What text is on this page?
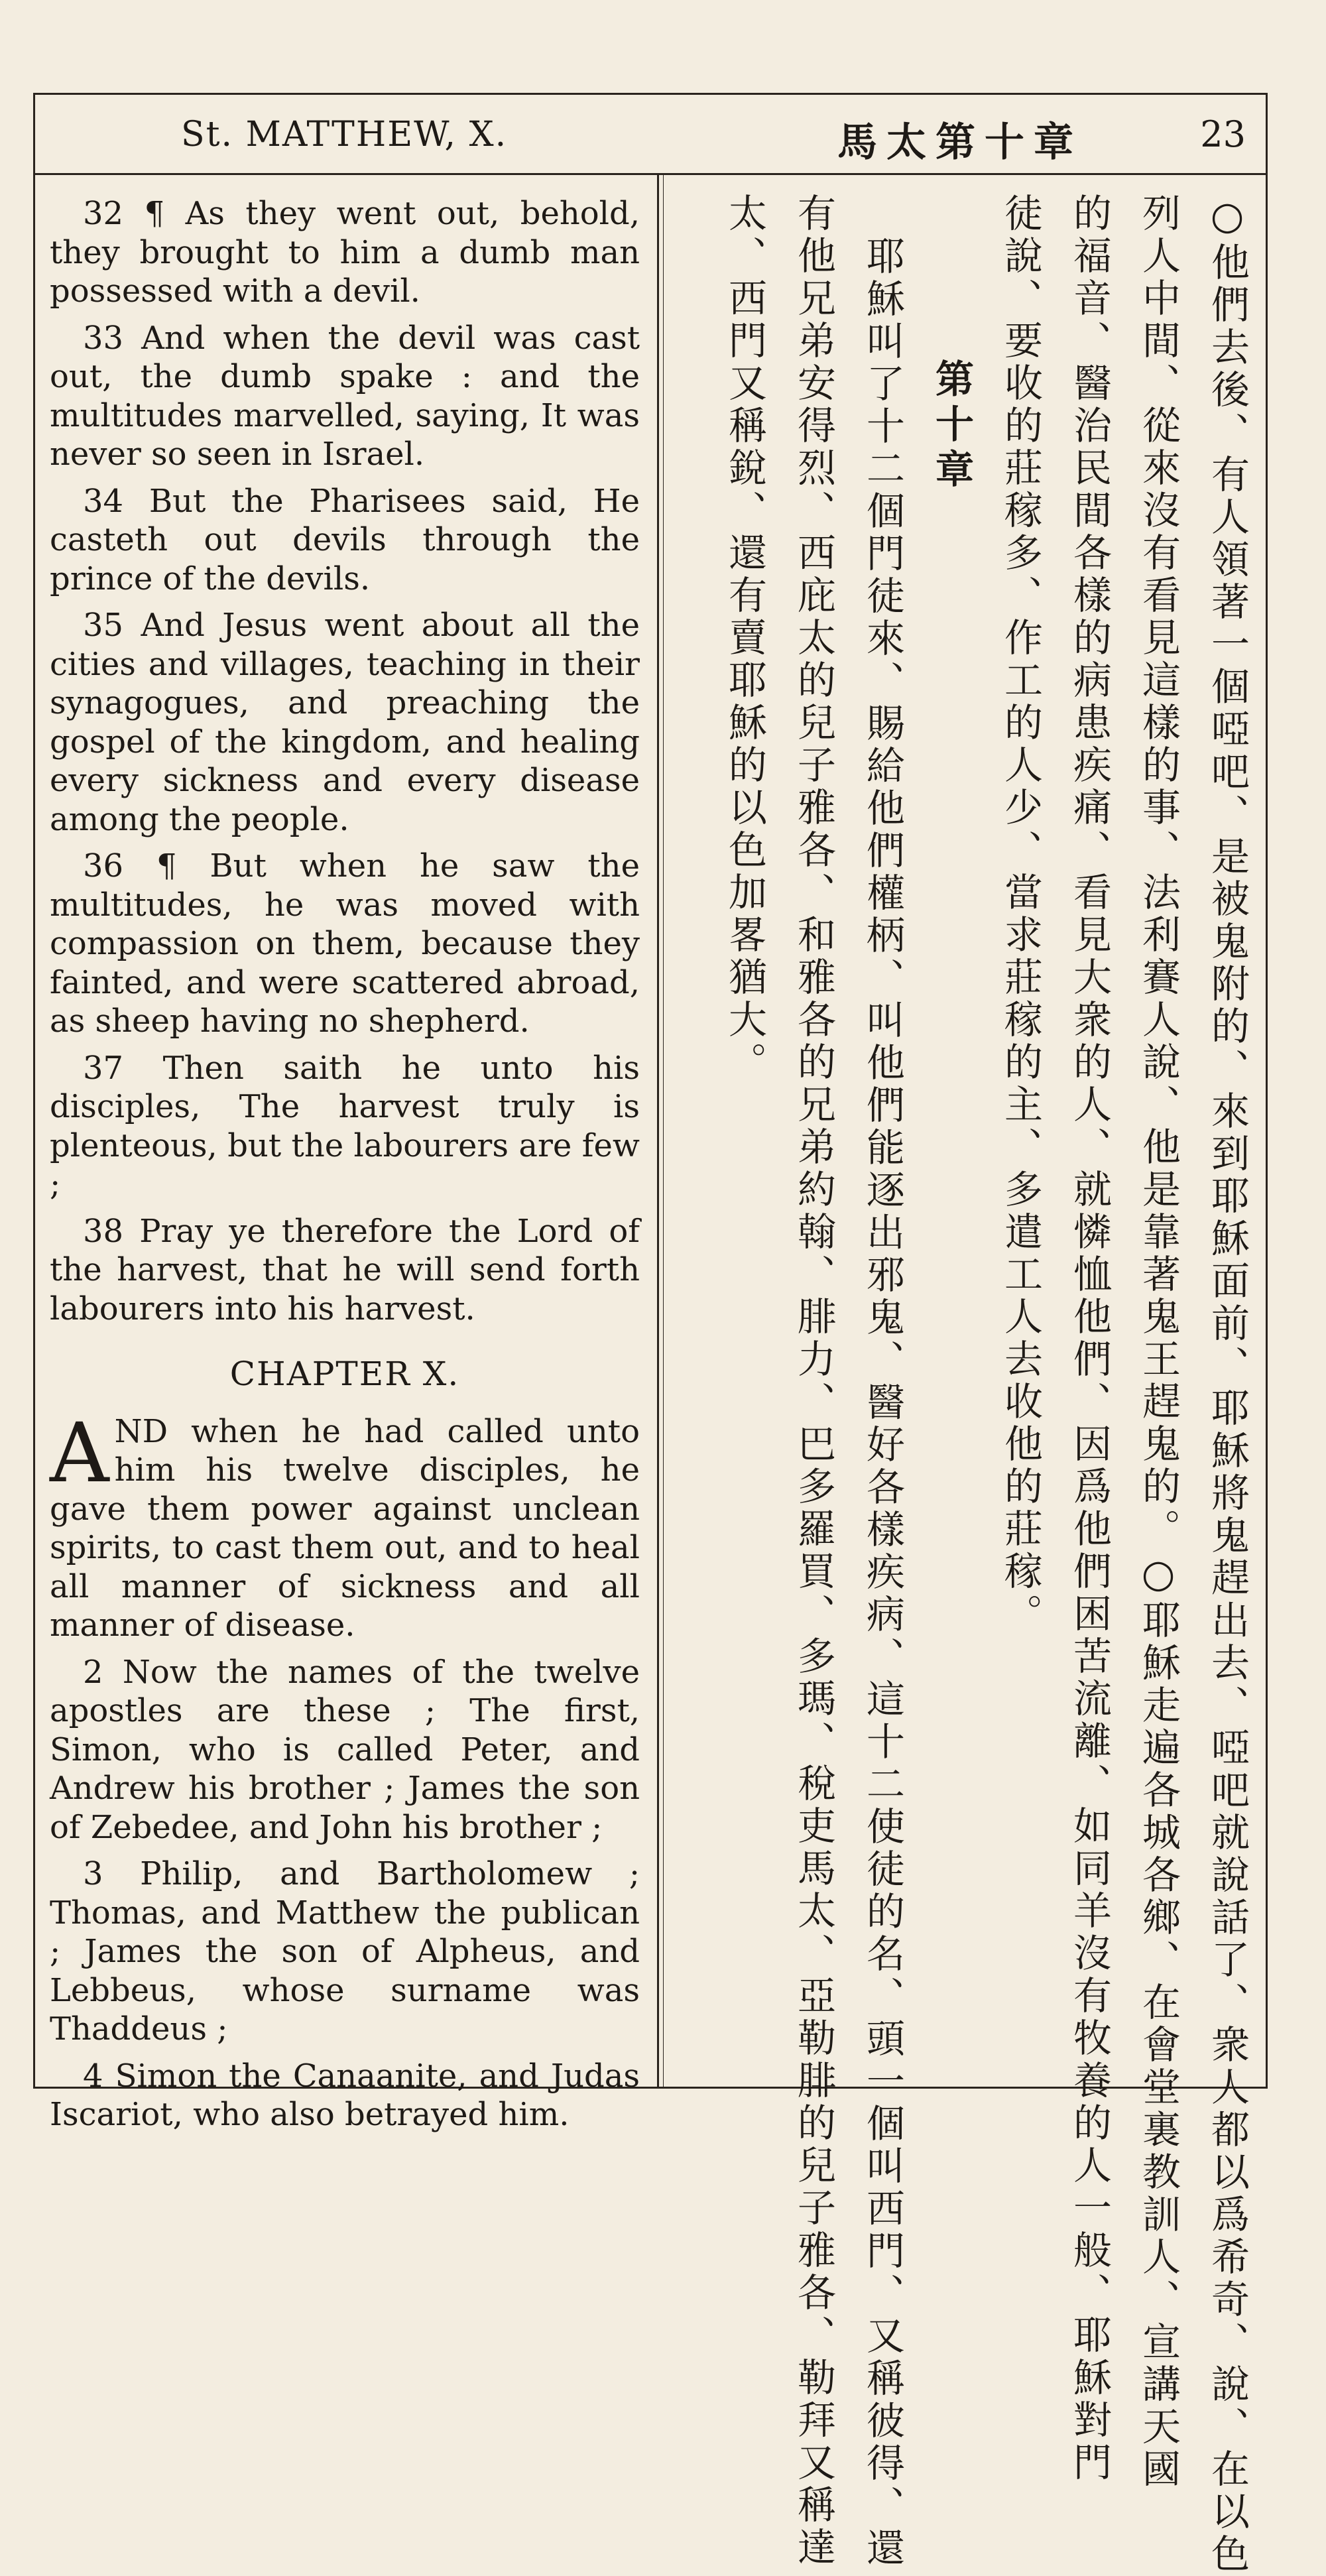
St. MATTHEW, X.	馬太第十章	23

32 ¶ As they went out, behold, they brought to him a dumb man possessed with a devil.

33 And when the devil was cast out, the dumb spake : and the multitudes marvelled, saying, It was never so seen in Israel.

34 But the Pharisees said, He casteth out devils through the prince of the devils.

35 And Jesus went about all the cities and villages, teaching in their synagogues, and preaching the gospel of the kingdom, and healing every sickness and every disease among the people.

36 ¶ But when he saw the multitudes, he was moved with compassion on them, because they fainted, and were scattered abroad, as sheep having no shepherd.

37 Then saith he unto his disciples, The harvest truly is plenteous, but the labourers are few ;

38 Pray ye therefore the Lord of the harvest, that he will send forth labourers into his harvest.

CHAPTER X.

AND when he had called unto him his twelve disciples, he gave them power against unclean spirits, to cast them out, and to heal all manner of sickness and all manner of disease.

2 Now the names of the twelve apostles are these ; The first, Simon, who is called Peter, and Andrew his brother ; James the son of Zebedee, and John his brother ;

3 Philip, and Bartholomew ; Thomas, and Matthew the publican ; James the son of Alpheus, and Lebbeus, whose surname was Thaddeus ;

4 Simon the Canaanite, and Judas Iscariot, who also betrayed him.	○他們去後、有人領著一個啞吧、是被鬼附的、來到耶穌面前、耶穌將鬼趕出去、啞吧就說話了、衆人都以爲希奇、說、在以色
列人中間、從來沒有看見這樣的事、法利賽人說、他是靠著鬼王趕鬼的。○耶穌走遍各城各鄉、在會堂裏教訓人、宣講天國
的福音、醫治民間各樣的病患疾痛、看見大衆的人、就憐恤他們、因爲他們困苦流離、如同羊沒有牧養的人一般、耶穌對門
徒說、要收的莊稼多、作工的人少、當求莊稼的主、多遣工人去收他的莊稼。
第十章
耶穌叫了十二個門徒來、賜給他們權柄、叫他們能逐出邪鬼、醫好各樣疾病、這十二使徒的名、頭一個叫西門、又稱彼得、還
有他兄弟安得烈、西庇太的兒子雅各、和雅各的兄弟約翰、腓力、巴多羅買、多瑪、稅吏馬太、亞勒腓的兒子雅各、勒拜又稱達
太、西門又稱銳、還有賣耶穌的以色加畧猶大。
